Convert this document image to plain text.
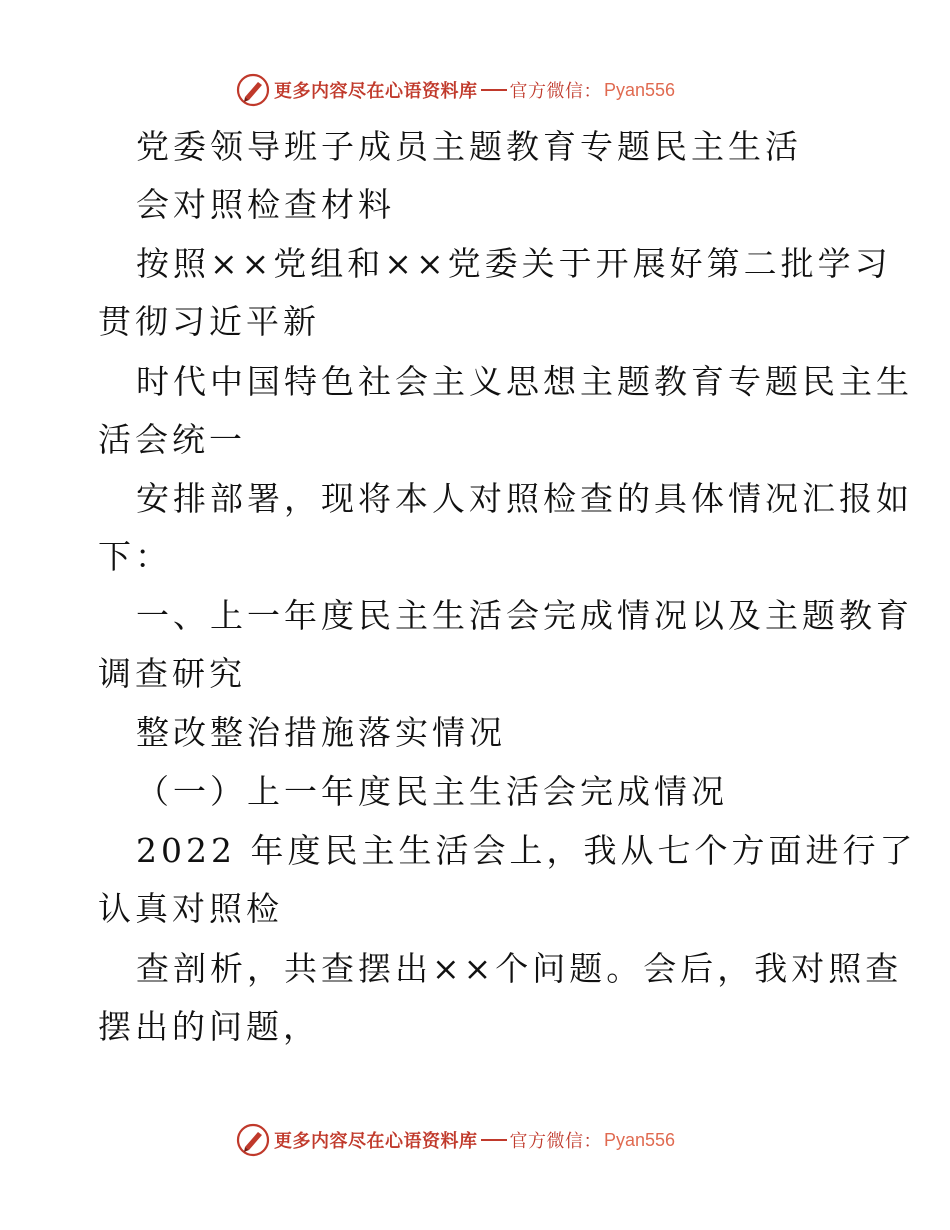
更多内容尽在心语资料库 官方微信： Pyan556
党委领导班子成员主题教育专题民主生活
会对照检查材料
按照××党组和××党委关于开展好第二批学习
贯彻习近平新
时代中国特色社会主义思想主题教育专题民主生
活会统一
安排部署，现将本人对照检查的具体情况汇报如
下：
一、上一年度民主生活会完成情况以及主题教育
调查研究
整改整治措施落实情况
（一）上一年度民主生活会完成情况
2022 年度民主生活会上，我从七个方面进行了
认真对照检
查剖析，共查摆出××个问题。会后，我对照查
摆出的问题，
更多内容尽在心语资料库 官方微信： Pyan556
